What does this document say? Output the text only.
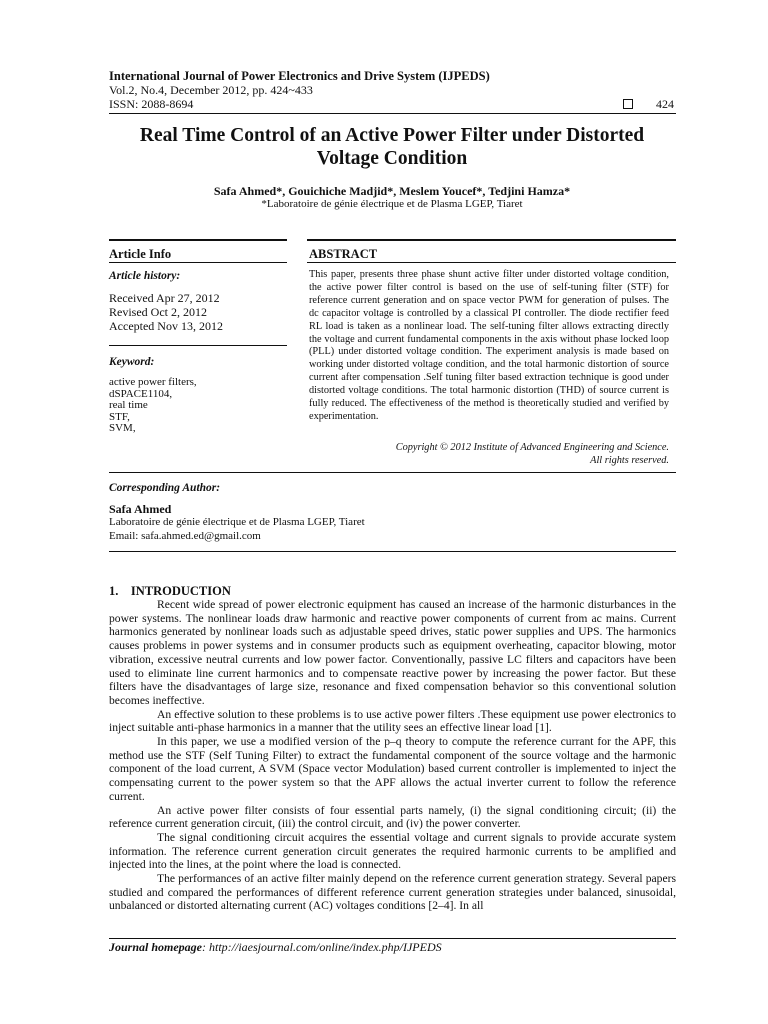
International Journal of Power Electronics and Drive System (IJPEDS)
Vol.2, No.4, December 2012, pp. 424~433
ISSN: 2088-8694	424
Real Time Control of an Active Power Filter under Distorted
Voltage Condition
Safa Ahmed*, Gouichiche Madjid*, Meslem Youcef*, Tedjini Hamza*
*Laboratoire de génie électrique et de Plasma LGEP, Tiaret
Article Info
Article history:
Received Apr 27, 2012
Revised Oct 2, 2012
Accepted Nov 13, 2012
Keyword:
active power filters,
dSPACE1104,
real time
STF,
SVM,
ABSTRACT

This paper, presents three phase shunt active filter under distorted voltage condition, the active power filter control is based on the use of self-tuning filter (STF) for reference current generation and on space vector PWM for generation of pulses. The dc capacitor voltage is controlled by a classical PI controller. The diode rectifier feed RL load is taken as a nonlinear load. The self-tuning filter allows extracting directly the voltage and current fundamental components in the axis without phase locked loop (PLL) under distorted voltage condition. The experiment analysis is made based on working under distorted voltage condition, and the total harmonic distortion of source current after compensation .Self tuning filter based extraction technique is good under distorted voltage conditions. The total harmonic distortion (THD) of source current is fully reduced. The effectiveness of the method is theoretically studied and verified by experimentation.

Copyright © 2012 Institute of Advanced Engineering and Science.
All rights reserved.
Corresponding Author:
Safa Ahmed
Laboratoire de génie électrique et de Plasma LGEP, Tiaret
Email: safa.ahmed.ed@gmail.com
1.    INTRODUCTION

Recent wide spread of power electronic equipment has caused an increase of the harmonic disturbances in the power systems. The nonlinear loads draw harmonic and reactive power components of current from ac mains. Current harmonics generated by nonlinear loads such as adjustable speed drives, static power supplies and UPS. The harmonics causes problems in power systems and in consumer products such as equipment overheating, capacitor blowing, motor vibration, excessive neutral currents and low power factor. Conventionally, passive LC filters and capacitors have been used to eliminate line current harmonics and to compensate reactive power by increasing the power factor. But these filters have the disadvantages of large size, resonance and fixed compensation behavior so this conventional solution becomes ineffective.

An effective solution to these problems is to use active power filters .These equipment use power electronics to inject suitable anti-phase harmonics in a manner that the utility sees an effective linear load [1].

In this paper, we use a modified version of the p–q theory to compute the reference currant for the APF, this method use the STF (Self Tuning Filter) to extract the fundamental component of the source voltage and the harmonic component of the load current, A SVM (Space vector Modulation) based current controller is implemented to inject the compensating current to the power system so that the APF allows the actual inverter current to follow the reference current.

An active power filter consists of four essential parts namely, (i) the signal conditioning circuit; (ii) the reference current generation circuit, (iii) the control circuit, and (iv) the power converter.

The signal conditioning circuit acquires the essential voltage and current signals to provide accurate system information. The reference current generation circuit generates the required harmonic currents to be amplified and injected into the lines, at the point where the load is connected.

The performances of an active filter mainly depend on the reference current generation strategy. Several papers studied and compared the performances of different reference current generation strategies under balanced, sinusoidal, unbalanced or distorted alternating current (AC) voltages conditions [2–4]. In all

Journal homepage: http://iaesjournal.com/online/index.php/IJPEDS
